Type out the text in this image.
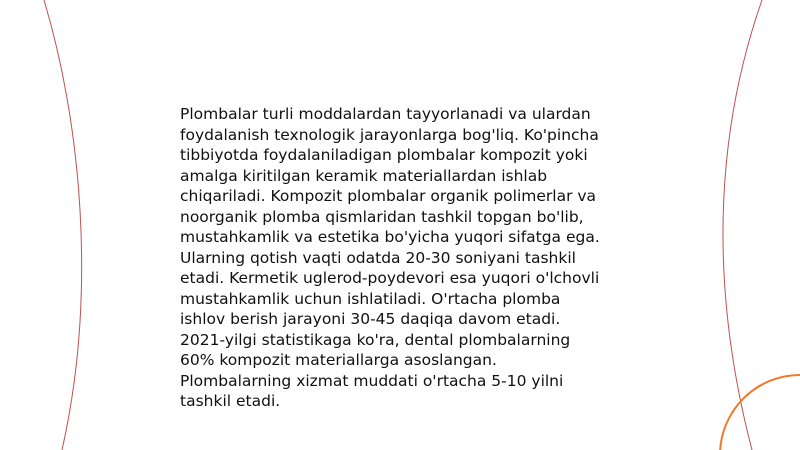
Plombalar turli moddalardan tayyorlanadi va ulardan
foydalanish texnologik jarayonlarga bog'liq. Ko'pincha
tibbiyotda foydalaniladigan plombalar kompozit yoki
amalga kiritilgan keramik materiallardan ishlab
chiqariladi. Kompozit plombalar organik polimerlar va
noorganik plomba qismlaridan tashkil topgan bo'lib,
mustahkamlik va estetika bo'yicha yuqori sifatga ega.
Ularning qotish vaqti odatda 20-30 soniyani tashkil
etadi. Kermetik uglerod-poydevori esa yuqori o'lchovli
mustahkamlik uchun ishlatiladi. O'rtacha plomba
ishlov berish jarayoni 30-45 daqiqa davom etadi.
2021-yilgi statistikaga ko'ra, dental plombalarning
60% kompozit materiallarga asoslangan.
Plombalarning xizmat muddati o'rtacha 5-10 yilni
tashkil etadi.
